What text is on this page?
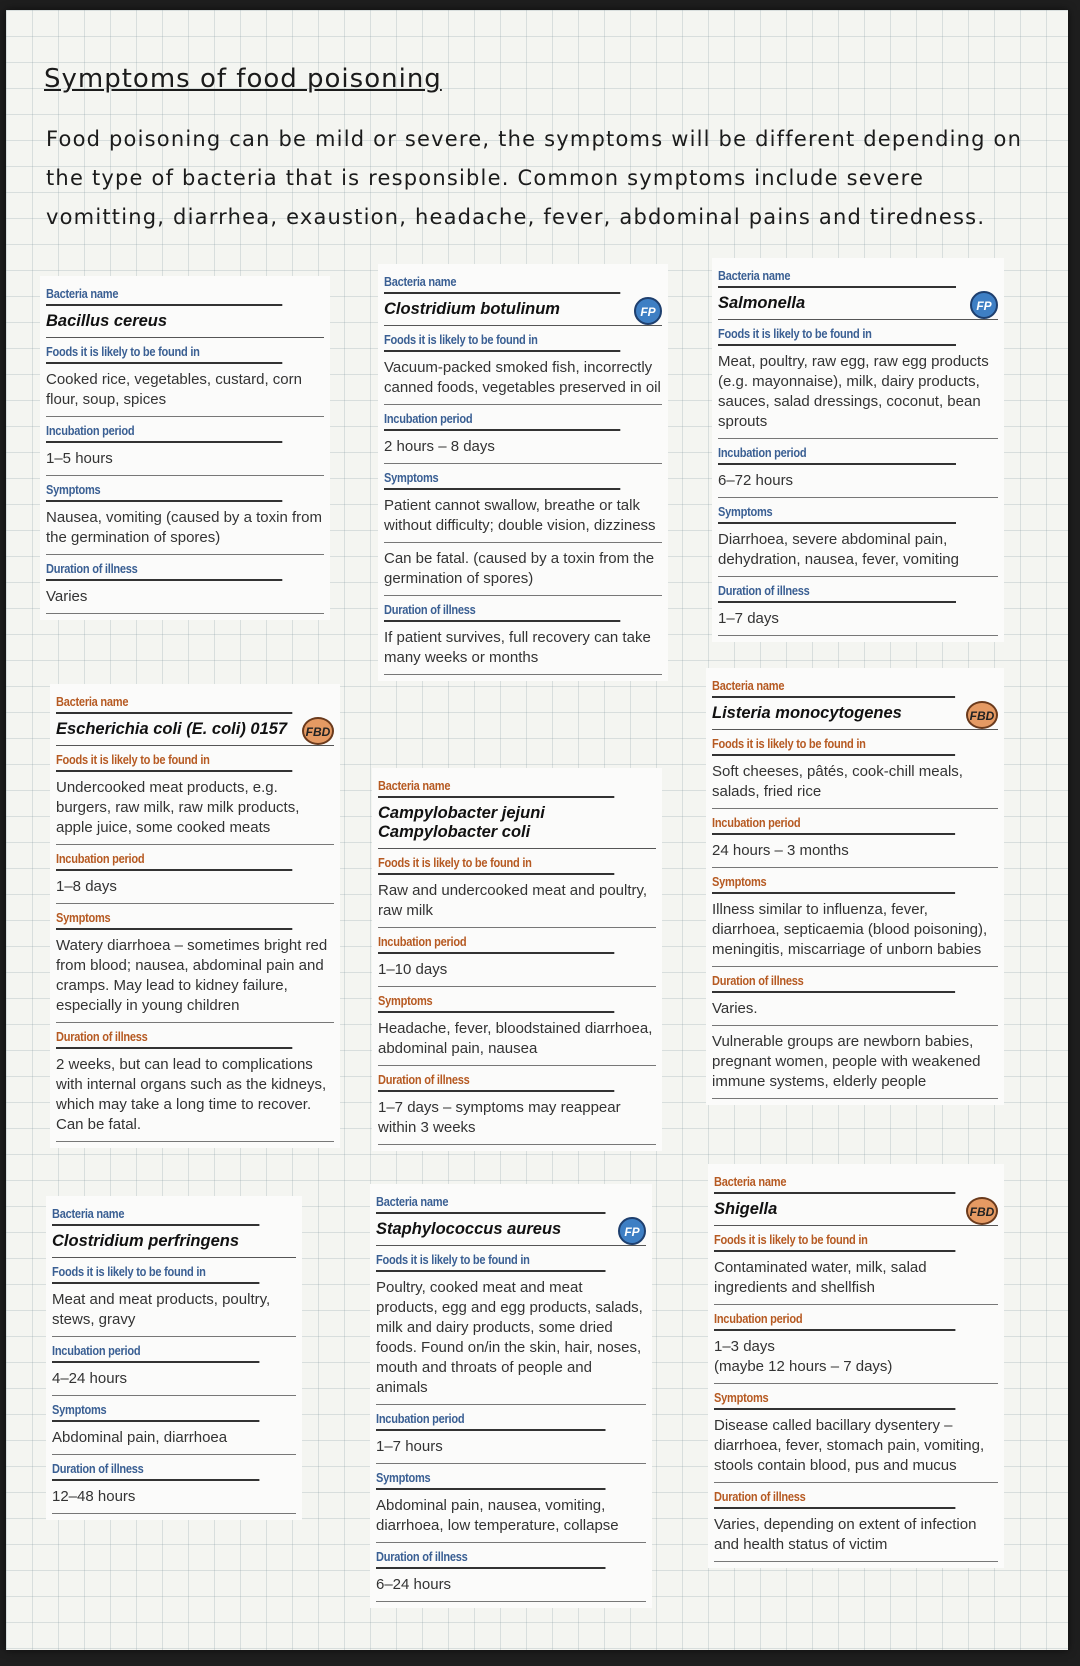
Symptoms of food poisoning

Food poisoning can be mild or severe, the symptoms will be different depending on the type of bacteria that is responsible. Common symptoms include severe vomitting, diarrhea, exaustion, headache, fever, abdominal pains and tiredness.

Bacteria name
Bacillus cereus
Foods it is likely to be found in
Cooked rice, vegetables, custard, corn flour, soup, spices
Incubation period
1–5 hours
Symptoms
Nausea, vomiting (caused by a toxin from the germination of spores)
Duration of illness
Varies
Bacteria name
Clostridium botulinum	FP
Foods it is likely to be found in
Vacuum-packed smoked fish, incorrectly canned foods, vegetables preserved in oil
Incubation period
2 hours – 8 days
Symptoms
Patient cannot swallow, breathe or talk without difficulty; double vision, dizziness
Can be fatal. (caused by a toxin from the germination of spores)
Duration of illness
If patient survives, full recovery can take many weeks or months
Bacteria name
Salmonella	FP
Foods it is likely to be found in
Meat, poultry, raw egg, raw egg products (e.g. mayonnaise), milk, dairy products, sauces, salad dressings, coconut, bean sprouts
Incubation period
6–72 hours
Symptoms
Diarrhoea, severe abdominal pain, dehydration, nausea, fever, vomiting
Duration of illness
1–7 days
Bacteria name
Escherichia coli (E. coli) 0157	FBD
Foods it is likely to be found in
Undercooked meat products, e.g. burgers, raw milk, raw milk products, apple juice, some cooked meats
Incubation period
1–8 days
Symptoms
Watery diarrhoea – sometimes bright red from blood; nausea, abdominal pain and cramps. May lead to kidney failure, especially in young children
Duration of illness
2 weeks, but can lead to complications with internal organs such as the kidneys, which may take a long time to recover. Can be fatal.
Bacteria name
Campylobacter jejuni
Campylobacter coli
Foods it is likely to be found in
Raw and undercooked meat and poultry, raw milk
Incubation period
1–10 days
Symptoms
Headache, fever, bloodstained diarrhoea, abdominal pain, nausea
Duration of illness
1–7 days – symptoms may reappear within 3 weeks
Bacteria name
Listeria monocytogenes	FBD
Foods it is likely to be found in
Soft cheeses, pâtés, cook-chill meals, salads, fried rice
Incubation period
24 hours – 3 months
Symptoms
Illness similar to influenza, fever, diarrhoea, septicaemia (blood poisoning), meningitis, miscarriage of unborn babies
Duration of illness
Varies.
Vulnerable groups are newborn babies, pregnant women, people with weakened immune systems, elderly people
Bacteria name
Clostridium perfringens
Foods it is likely to be found in
Meat and meat products, poultry, stews, gravy
Incubation period
4–24 hours
Symptoms
Abdominal pain, diarrhoea
Duration of illness
12–48 hours
Bacteria name
Staphylococcus aureus	FP
Foods it is likely to be found in
Poultry, cooked meat and meat products, egg and egg products, salads, milk and dairy products, some dried foods. Found on/in the skin, hair, noses, mouth and throats of people and animals
Incubation period
1–7 hours
Symptoms
Abdominal pain, nausea, vomiting, diarrhoea, low temperature, collapse
Duration of illness
6–24 hours
Bacteria name
Shigella	FBD
Foods it is likely to be found in
Contaminated water, milk, salad ingredients and shellfish
Incubation period
1–3 days
(maybe 12 hours – 7 days)
Symptoms
Disease called bacillary dysentery – diarrhoea, fever, stomach pain, vomiting, stools contain blood, pus and mucus
Duration of illness
Varies, depending on extent of infection and health status of victim
